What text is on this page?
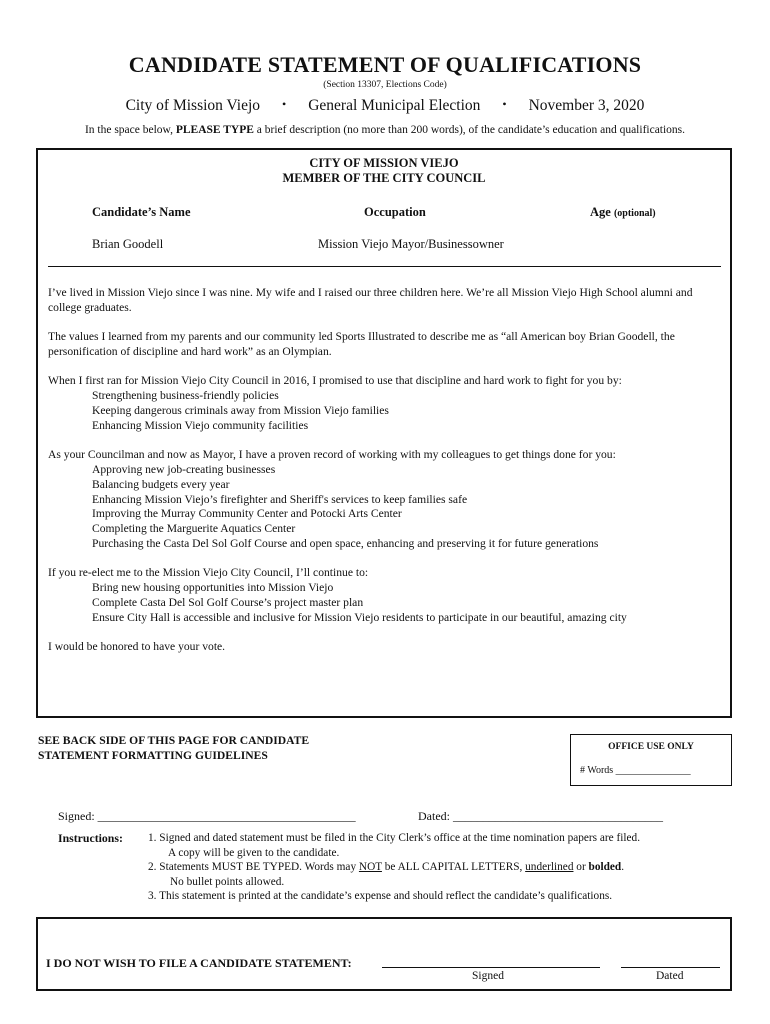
CANDIDATE STATEMENT OF QUALIFICATIONS
(Section 13307, Elections Code)
City of Mission Viejo • General Municipal Election • November 3, 2020
In the space below, PLEASE TYPE a brief description (no more than 200 words), of the candidate’s education and qualifications.
CITY OF MISSION VIEJO
MEMBER OF THE CITY COUNCIL
Candidate’s Name	Occupation	Age (optional)
Brian Goodell	Mission Viejo Mayor/Businessowner

I’ve lived in Mission Viejo since I was nine. My wife and I raised our three children here. We’re all Mission Viejo High School alumni and college graduates.

The values I learned from my parents and our community led Sports Illustrated to describe me as “all American boy Brian Goodell, the personification of discipline and hard work” as an Olympian.

When I first ran for Mission Viejo City Council in 2016, I promised to use that discipline and hard work to fight for you by:
Strengthening business-friendly policies
Keeping dangerous criminals away from Mission Viejo families
Enhancing Mission Viejo community facilities

As your Councilman and now as Mayor, I have a proven record of working with my colleagues to get things done for you:
Approving new job-creating businesses
Balancing budgets every year
Enhancing Mission Viejo’s firefighter and Sheriff's services to keep families safe
Improving the Murray Community Center and Potocki Arts Center
Completing the Marguerite Aquatics Center
Purchasing the Casta Del Sol Golf Course and open space, enhancing and preserving it for future generations

If you re-elect me to the Mission Viejo City Council, I’ll continue to:
Bring new housing opportunities into Mission Viejo
Complete Casta Del Sol Golf Course’s project master plan
Ensure City Hall is accessible and inclusive for Mission Viejo residents to participate in our beautiful, amazing city

I would be honored to have your vote.

SEE BACK SIDE OF THIS PAGE FOR CANDIDATE
STATEMENT FORMATTING GUIDELINES
OFFICE USE ONLY
# Words _______________
Signed: ___________________________________________	Dated: ___________________________________
Instructions: 1. Signed and dated statement must be filed in the City Clerk’s office at the time nomination papers are filed.
A copy will be given to the candidate.
2. Statements MUST BE TYPED. Words may NOT be ALL CAPITAL LETTERS, underlined or bolded.
No bullet points allowed.
3. This statement is printed at the candidate’s expense and should reflect the candidate’s qualifications.
I DO NOT WISH TO FILE A CANDIDATE STATEMENT:
Signed	Dated
